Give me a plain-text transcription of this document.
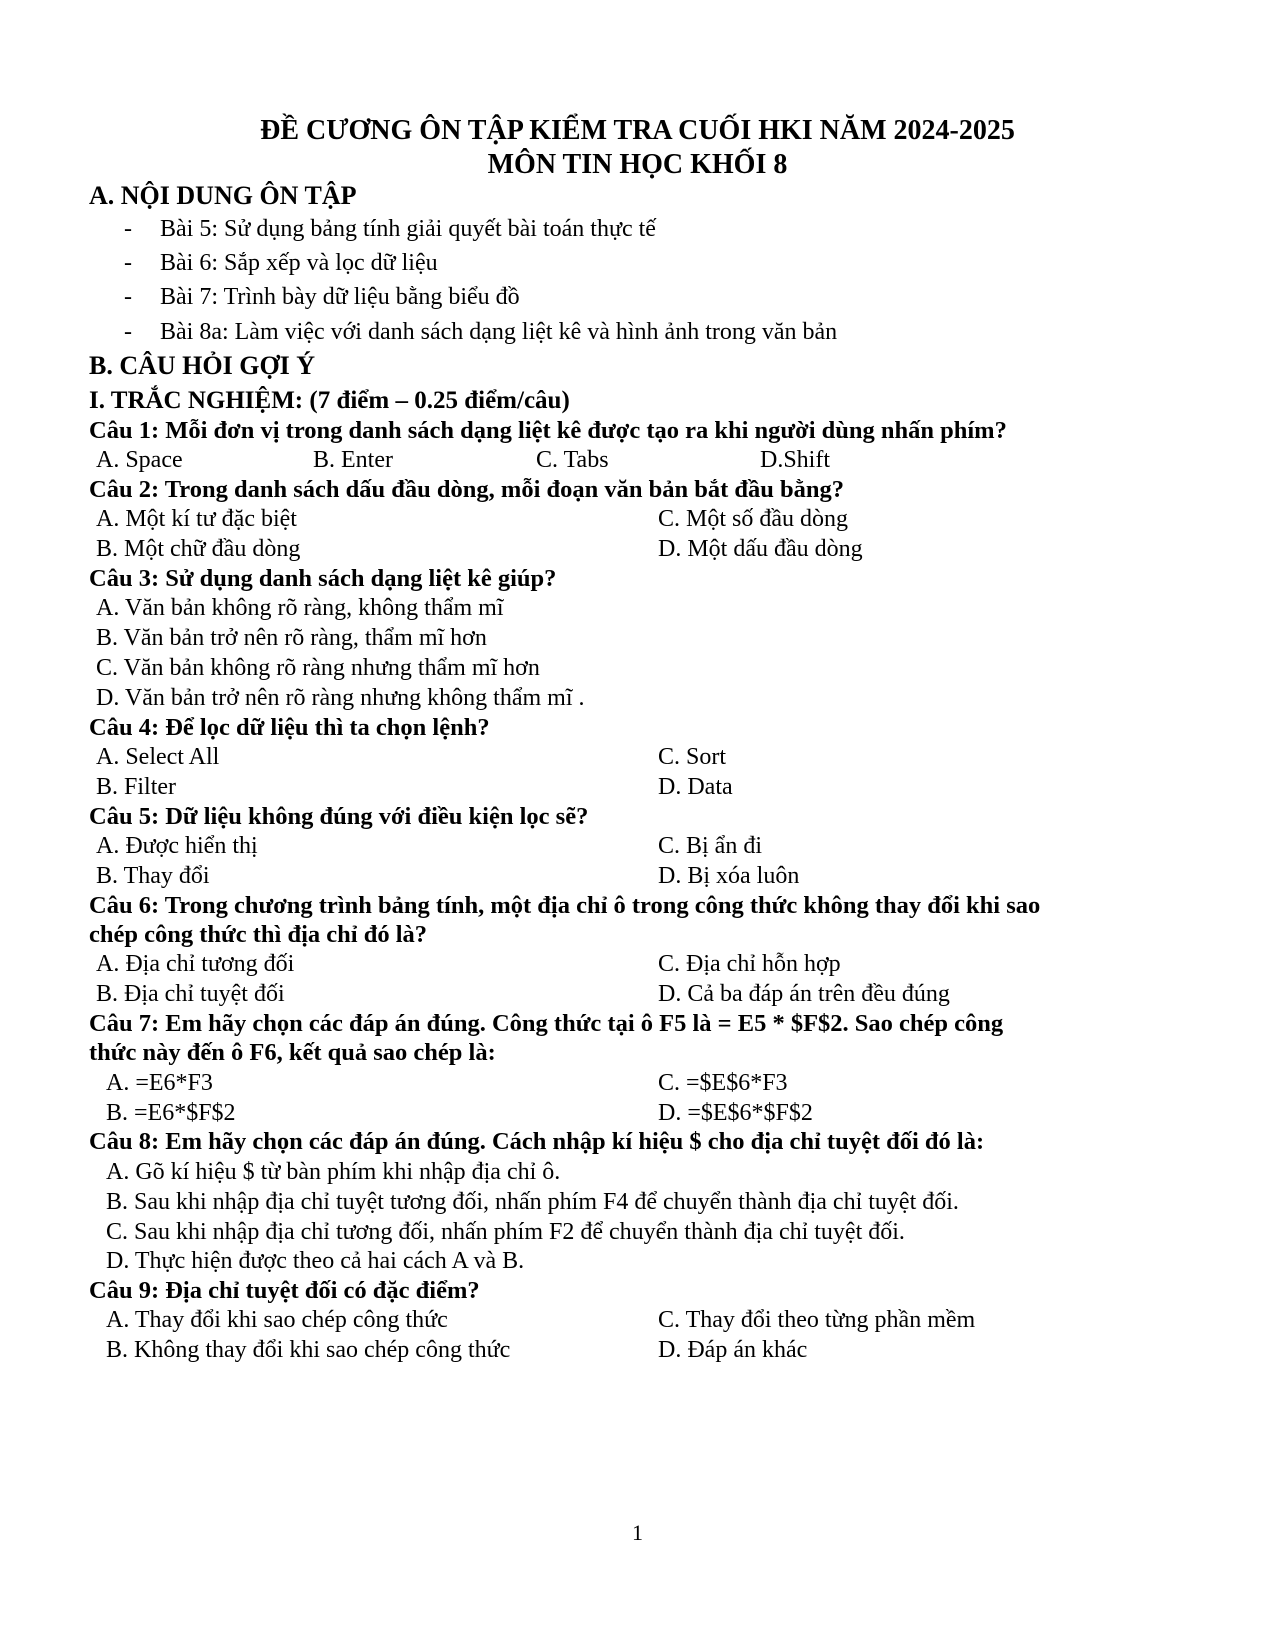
ĐỀ CƯƠNG ÔN TẬP KIỂM TRA CUỐI HKI NĂM 2024-2025
MÔN TIN HỌC KHỐI 8
A. NỘI DUNG ÔN TẬP
- Bài 5: Sử dụng bảng tính giải quyết bài toán thực tế
- Bài 6: Sắp xếp và lọc dữ liệu
- Bài 7: Trình bày dữ liệu bằng biểu đồ
- Bài 8a: Làm việc với danh sách dạng liệt kê và hình ảnh trong văn bản
B. CÂU HỎI GỢI Ý
I. TRẮC NGHIỆM: (7 điểm – 0.25 điểm/câu)
Câu 1: Mỗi đơn vị trong danh sách dạng liệt kê được tạo ra khi người dùng nhấn phím?
A. Space	B. Enter	C. Tabs	D.Shift
Câu 2: Trong danh sách dấu đầu dòng, mỗi đoạn văn bản bắt đầu bằng?
A. Một kí tư đặc biệt	C. Một số đầu dòng
B. Một chữ đầu dòng	D. Một dấu đầu dòng
Câu 3: Sử dụng danh sách dạng liệt kê giúp?
A. Văn bản không rõ ràng, không thẩm mĩ
B. Văn bản trở nên rõ ràng, thẩm mĩ hơn
C. Văn bản không rõ ràng nhưng thẩm mĩ hơn
D. Văn bản trở nên rõ ràng nhưng không thẩm mĩ .
Câu 4: Để lọc dữ liệu thì ta chọn lệnh?
A. Select All	C. Sort
B. Filter	D. Data
Câu 5: Dữ liệu không đúng với điều kiện lọc sẽ?
A. Được hiển thị	C. Bị ẩn đi
B. Thay đổi	D. Bị xóa luôn
Câu 6: Trong chương trình bảng tính, một địa chỉ ô trong công thức không thay đổi khi sao
chép công thức thì địa chỉ đó là?
A. Địa chỉ tương đối	C. Địa chỉ hỗn hợp
B. Địa chỉ tuyệt đối	D. Cả ba đáp án trên đều đúng
Câu 7: Em hãy chọn các đáp án đúng. Công thức tại ô F5 là = E5 * $F$2. Sao chép công
thức này đến ô F6, kết quả sao chép là:
A. =E6*F3	C. =$E$6*F3
B. =E6*$F$2	D. =$E$6*$F$2
Câu 8: Em hãy chọn các đáp án đúng. Cách nhập kí hiệu $ cho địa chỉ tuyệt đối đó là:
A. Gõ kí hiệu $ từ bàn phím khi nhập địa chỉ ô.
B. Sau khi nhập địa chỉ tuyệt tương đối, nhấn phím F4 để chuyển thành địa chỉ tuyệt đối.
C. Sau khi nhập địa chỉ tương đối, nhấn phím F2 để chuyển thành địa chỉ tuyệt đối.
D. Thực hiện được theo cả hai cách A và B.
Câu 9: Địa chỉ tuyệt đối có đặc điểm?
A. Thay đổi khi sao chép công thức	C. Thay đổi theo từng phần mềm
B. Không thay đổi khi sao chép công thức	D. Đáp án khác
1
